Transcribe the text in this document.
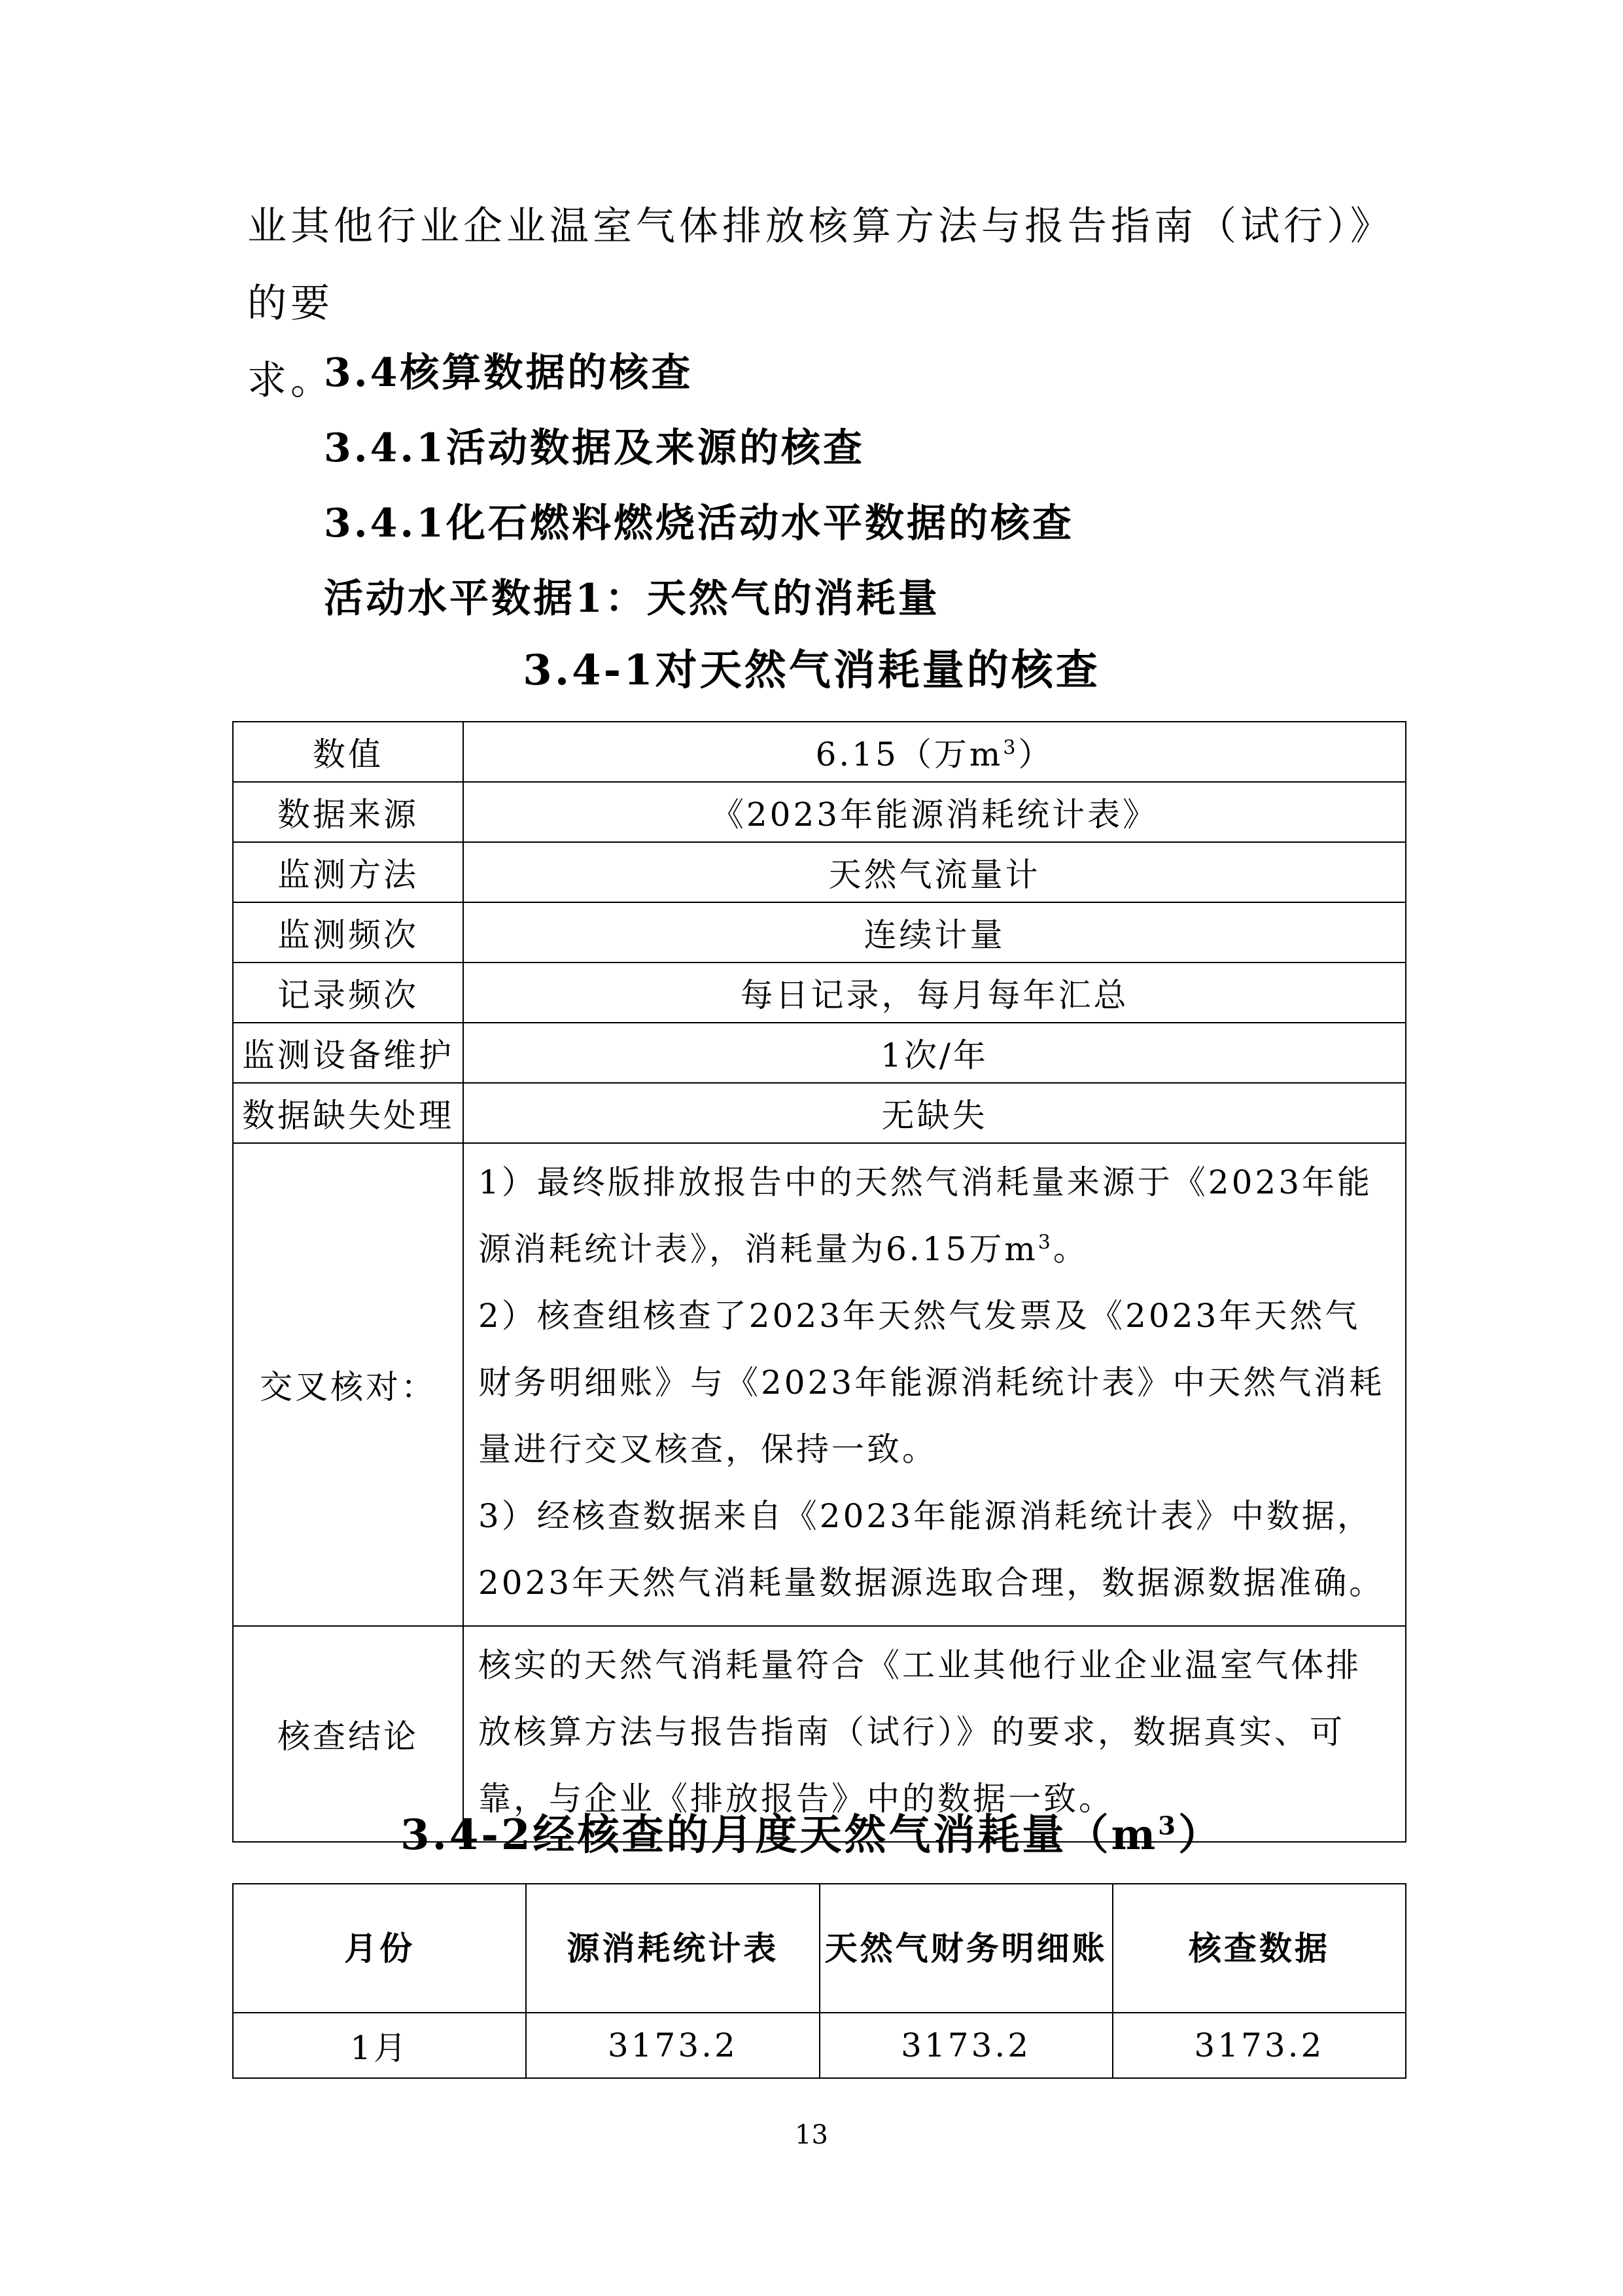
业其他行业企业温室气体排放核算方法与报告指南（试行）》的要
求。
3.4核算数据的核查
3.4.1活动数据及来源的核查
3.4.1化石燃料燃烧活动水平数据的核查
活动水平数据1：天然气的消耗量
3.4-1对天然气消耗量的核查
数值	6.15（万$m^3$）
数据来源	《2023年能源消耗统计表》
监测方法	天然气流量计
监测频次	连续计量
记录频次	每日记录，每月每年汇总
监测设备维护	1次/年
数据缺失处理	无缺失
交叉核对：	1）最终版排放报告中的天然气消耗量来源于《2023年能源消耗统计表》，消耗量为6.15万$m^3$。
2）核查组核查了2023年天然气发票及《2023年天然气财务明细账》与《2023年能源消耗统计表》中天然气消耗量进行交叉核查，保持一致。
3）经核查数据来自《2023年能源消耗统计表》中数据，2023年天然气消耗量数据源选取合理，数据源数据准确。

核查结论	核实的天然气消耗量符合《工业其他行业企业温室气体排放核算方法与报告指南（试行）》的要求，数据真实、可靠，与企业《排放报告》中的数据一致。
3.4-2经核查的月度天然气消耗量$(m^3)$
月份	源消耗统计表	天然气财务明细账	核查数据
1月	3173.2	3173.2	3173.2
13
